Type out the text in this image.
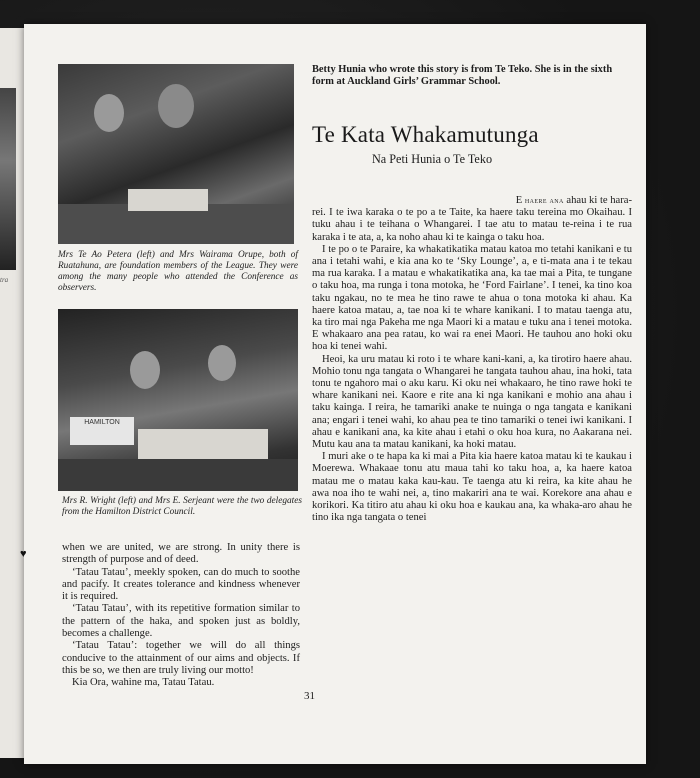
tra
Mrs Te Ao Petera (left) and Mrs Wairama Orupe, both of Ruatahuna, are foundation members of the League. They were among the many people who attended the Conference as observers.
HAMILTON
Mrs R. Wright (left) and Mrs E. Serjeant were the two delegates from the Hamilton District Council.

when we are united, we are strong. In unity there is strength of purpose and of deed.

‘Tatau Tatau’, meekly spoken, can do much to soothe and pacify. It creates tolerance and kindness whenever it is required.

‘Tatau Tatau’, with its repetitive formation similar to the pattern of the haka, and spoken just as boldly, becomes a challenge.

‘Tatau Tatau’: together we will do all things conducive to the attainment of our aims and objects. If this be so, we then are truly living our motto!

Kia Ora, wahine ma, Tatau Tatau.

Betty Hunia who wrote this story is from Te Teko. She is in the sixth form at Auckland Girls’ Grammar School.
Te Kata Whakamutunga
Na Peti Hunia o Te Teko
E haere ana ahau ki te hara-

rei. I te iwa karaka o te po a te Taite, ka haere taku tereina mo Okaihau. I tuku ahau i te teihana o Whangarei. I tae atu to matau te-reina i te rua karaka i te ata, a, ka noho ahau ki te kainga o taku hoa.

I te po o te Paraire, ka whakatikatika matau katoa mo tetahi kanikani e tu ana i tetahi wahi, e kia ana ko te ‘Sky Lounge’, a, e ti-mata ana i te tekau ma rua karaka. I a matau e whakatikatika ana, ka tae mai a Pita, te tungane o taku hoa, ma runga i tona motoka, he ‘Ford Fairlane’. I tenei, ka tino koa taku ngakau, no te mea he tino rawe te ahua o tona motoka ki ahau. Ka haere katoa matau, a, tae noa ki te whare kanikani. I to matau taenga atu, ka tiro mai nga Pakeha me nga Maori ki a matau e tuku ana i tenei motoka. E whakaaro ana pea ratau, ko wai ra enei Maori. He tauhou ano hoki oku hoa ki tenei wahi.

Heoi, ka uru matau ki roto i te whare kani-kani, a, ka tirotiro haere ahau. Mohio tonu nga tangata o Whangarei he tangata tauhou ahau, ina hoki, tata tonu te ngahoro mai o aku karu. Ki oku nei whakaaro, he tino rawe hoki te whare kanikani nei. Kaore e rite ana ki nga kanikani e mohio ana ahau i taku kainga. I reira, he tamariki anake te nuinga o nga tangata e kanikani ana; engari i tenei wahi, ko ahau pea te tino tamariki o tenei iwi kanikani. I ahau e kanikani ana, ka kite ahau i etahi o oku hoa kura, no Aakarana nei. Mutu kau ana ta matau kanikani, ka hoki matau.

I muri ake o te hapa ka ki mai a Pita kia haere katoa matau ki te kaukau i Moerewa. Whakaae tonu atu maua tahi ko taku hoa, a, ka haere katoa matau me o matau kaka kau-kau. Te taenga atu ki reira, ka kite ahau he awa noa iho te wahi nei, a, tino makariri ana te wai. Korekore ana ahau e korikori. Ka titiro atu ahau ki oku hoa e kaukau ana, ka whaka-aro ahau he tino ika nga tangata o tenei

31
♥
